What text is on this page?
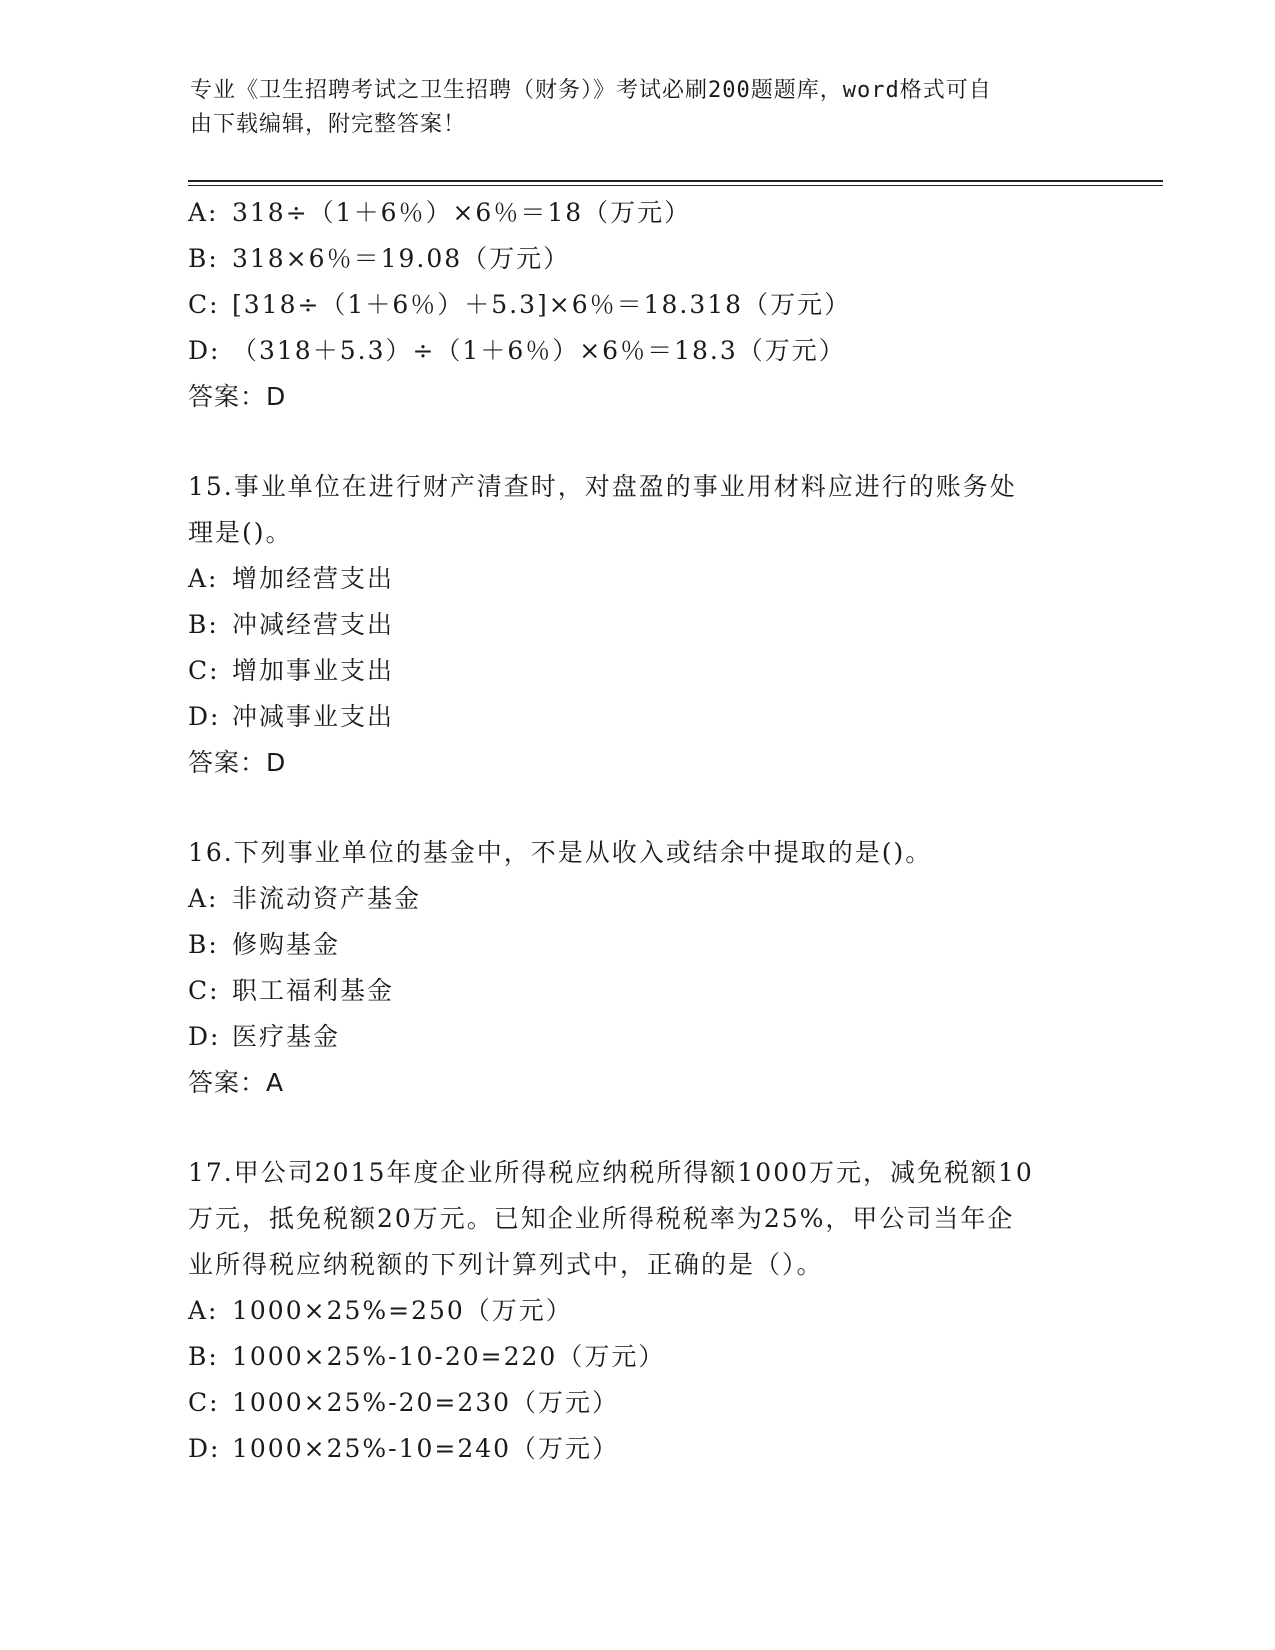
专业《卫生招聘考试之卫生招聘（财务）》考试必刷200题题库，word格式可自
由下载编辑，附完整答案！
A: 318÷（1＋6％）×6％＝18（万元）
B: 318×6％＝19.08（万元）
C: [318÷（1＋6％）＋5.3]×6％＝18.318（万元）
D: （318＋5.3）÷（1＋6％）×6％＝18.3（万元）
答案：D
15.事业单位在进行财产清查时，对盘盈的事业用材料应进行的账务处
理是()。
A: 增加经营支出
B: 冲减经营支出
C: 增加事业支出
D: 冲减事业支出
答案：D
16.下列事业单位的基金中，不是从收入或结余中提取的是()。
A: 非流动资产基金
B: 修购基金
C: 职工福利基金
D: 医疗基金
答案：A
17.甲公司2015年度企业所得税应纳税所得额1000万元，减免税额10
万元，抵免税额20万元。已知企业所得税税率为25%，甲公司当年企
业所得税应纳税额的下列计算列式中，正确的是（）。
A: 1000×25%=250（万元）
B: 1000×25%-10-20=220（万元）
C: 1000×25%-20=230（万元）
D: 1000×25%-10=240（万元）
